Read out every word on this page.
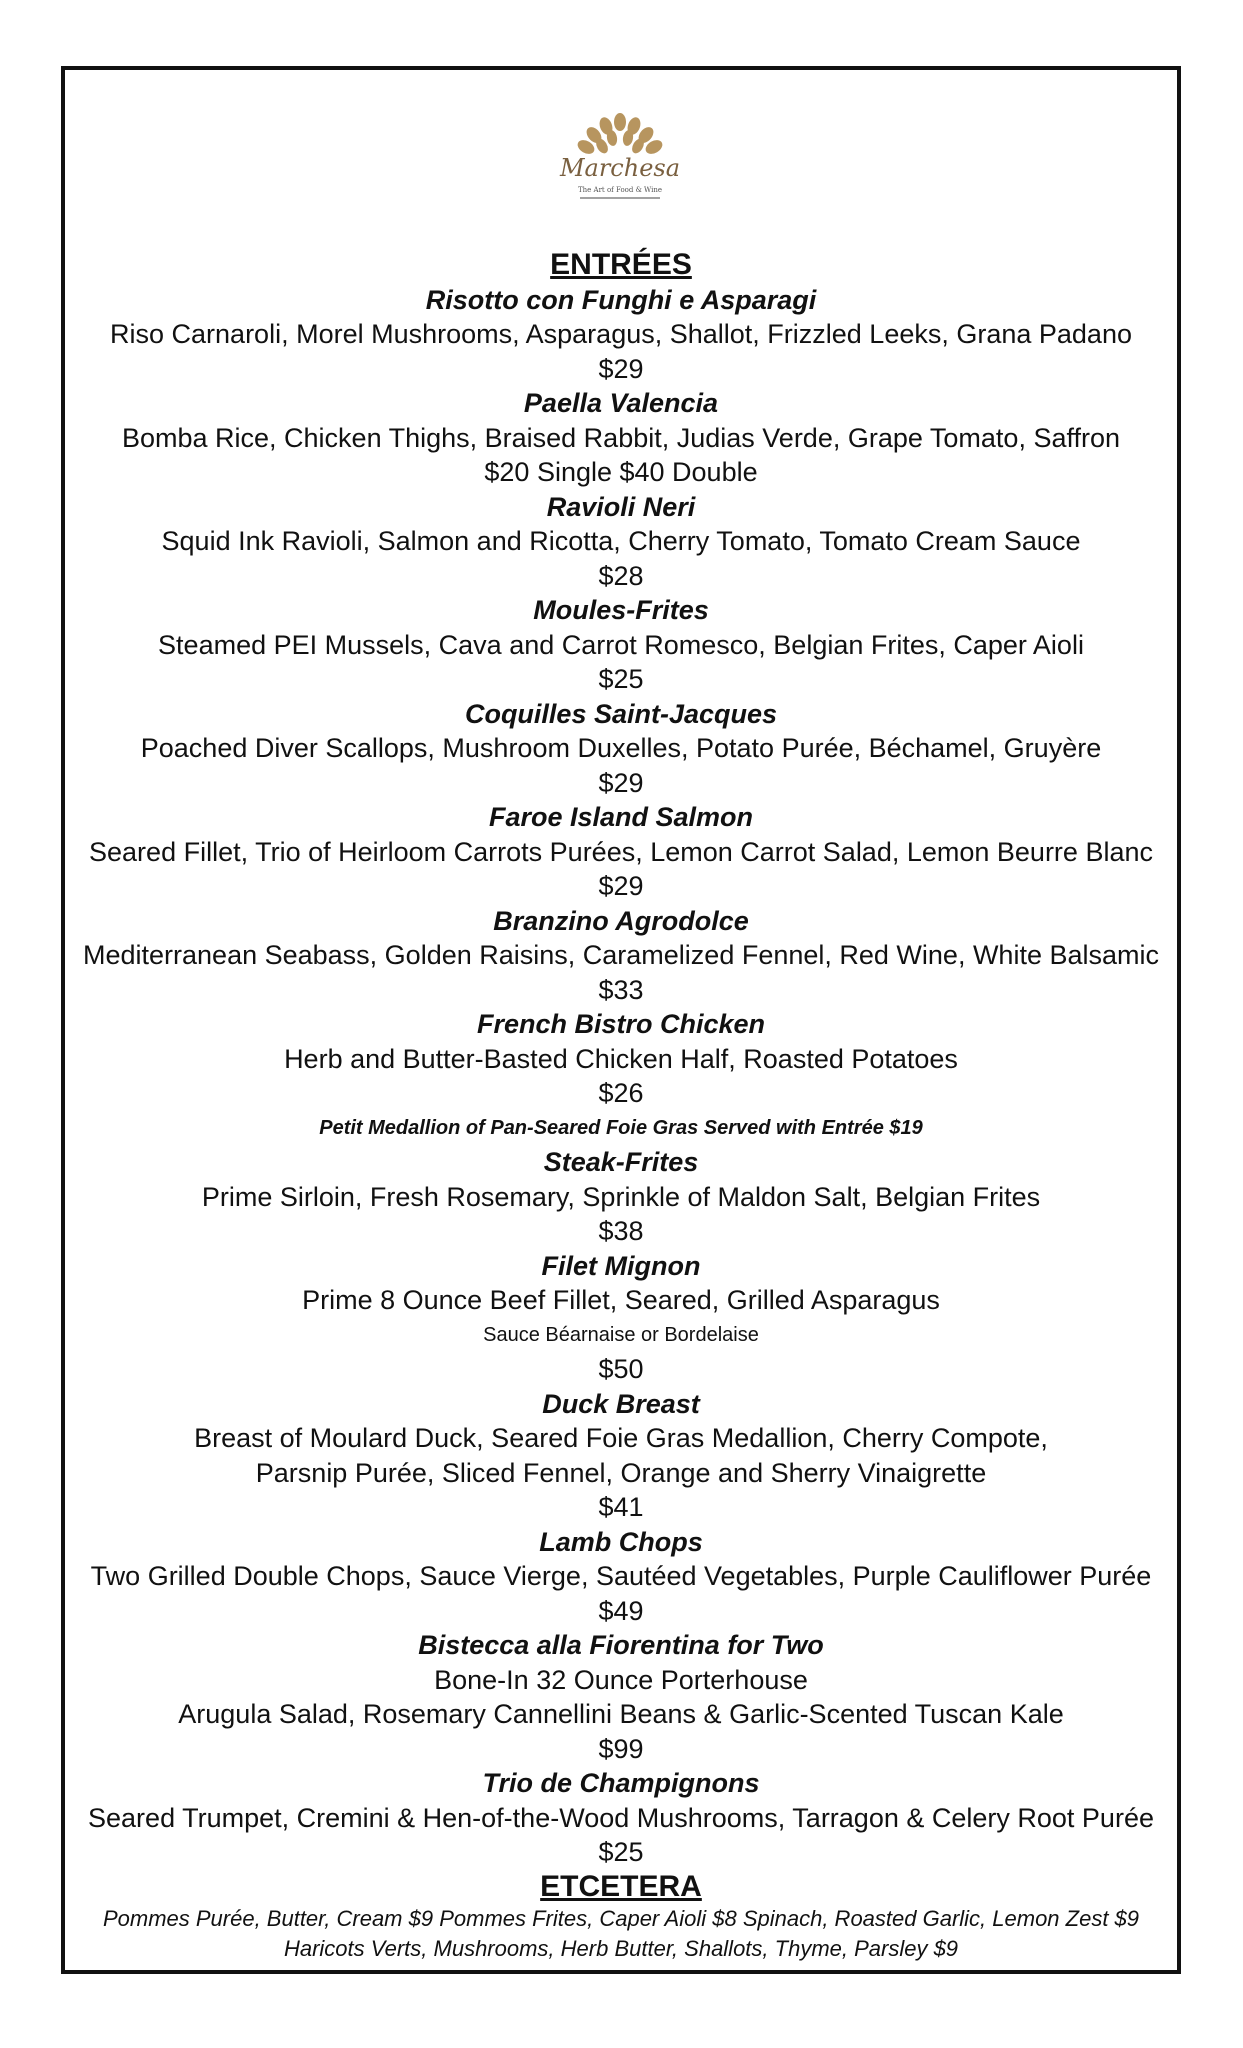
Marchesa
The Art of Food & Wine
ENTRÉES
Risotto con Funghi e Asparagi
Riso Carnaroli, Morel Mushrooms, Asparagus, Shallot, Frizzled Leeks, Grana Padano
$29
Paella Valencia
Bomba Rice, Chicken Thighs, Braised Rabbit, Judias Verde, Grape Tomato, Saffron
$20 Single $40 Double
Ravioli Neri
Squid Ink Ravioli, Salmon and Ricotta, Cherry Tomato, Tomato Cream Sauce
$28
Moules-Frites
Steamed PEI Mussels, Cava and Carrot Romesco, Belgian Frites, Caper Aioli
$25
Coquilles Saint-Jacques
Poached Diver Scallops, Mushroom Duxelles, Potato Purée, Béchamel, Gruyère
$29
Faroe Island Salmon
Seared Fillet, Trio of Heirloom Carrots Purées, Lemon Carrot Salad, Lemon Beurre Blanc
$29
Branzino Agrodolce
Mediterranean Seabass, Golden Raisins, Caramelized Fennel, Red Wine, White Balsamic
$33
French Bistro Chicken
Herb and Butter-Basted Chicken Half, Roasted Potatoes
$26
Petit Medallion of Pan-Seared Foie Gras Served with Entrée $19
Steak-Frites
Prime Sirloin, Fresh Rosemary, Sprinkle of Maldon Salt, Belgian Frites
$38
Filet Mignon
Prime 8 Ounce Beef Fillet, Seared, Grilled Asparagus
Sauce Béarnaise or Bordelaise
$50
Duck Breast
Breast of Moulard Duck, Seared Foie Gras Medallion, Cherry Compote,
Parsnip Purée, Sliced Fennel, Orange and Sherry Vinaigrette
$41
Lamb Chops
Two Grilled Double Chops, Sauce Vierge, Sautéed Vegetables, Purple Cauliflower Purée
$49
Bistecca alla Fiorentina for Two
Bone-In 32 Ounce Porterhouse
Arugula Salad, Rosemary Cannellini Beans & Garlic-Scented Tuscan Kale
$99
Trio de Champignons
Seared Trumpet, Cremini & Hen-of-the-Wood Mushrooms, Tarragon & Celery Root Purée
$25
ETCETERA
Pommes Purée, Butter, Cream $9 Pommes Frites, Caper Aioli $8 Spinach, Roasted Garlic, Lemon Zest $9
Haricots Verts, Mushrooms, Herb Butter, Shallots, Thyme, Parsley $9
